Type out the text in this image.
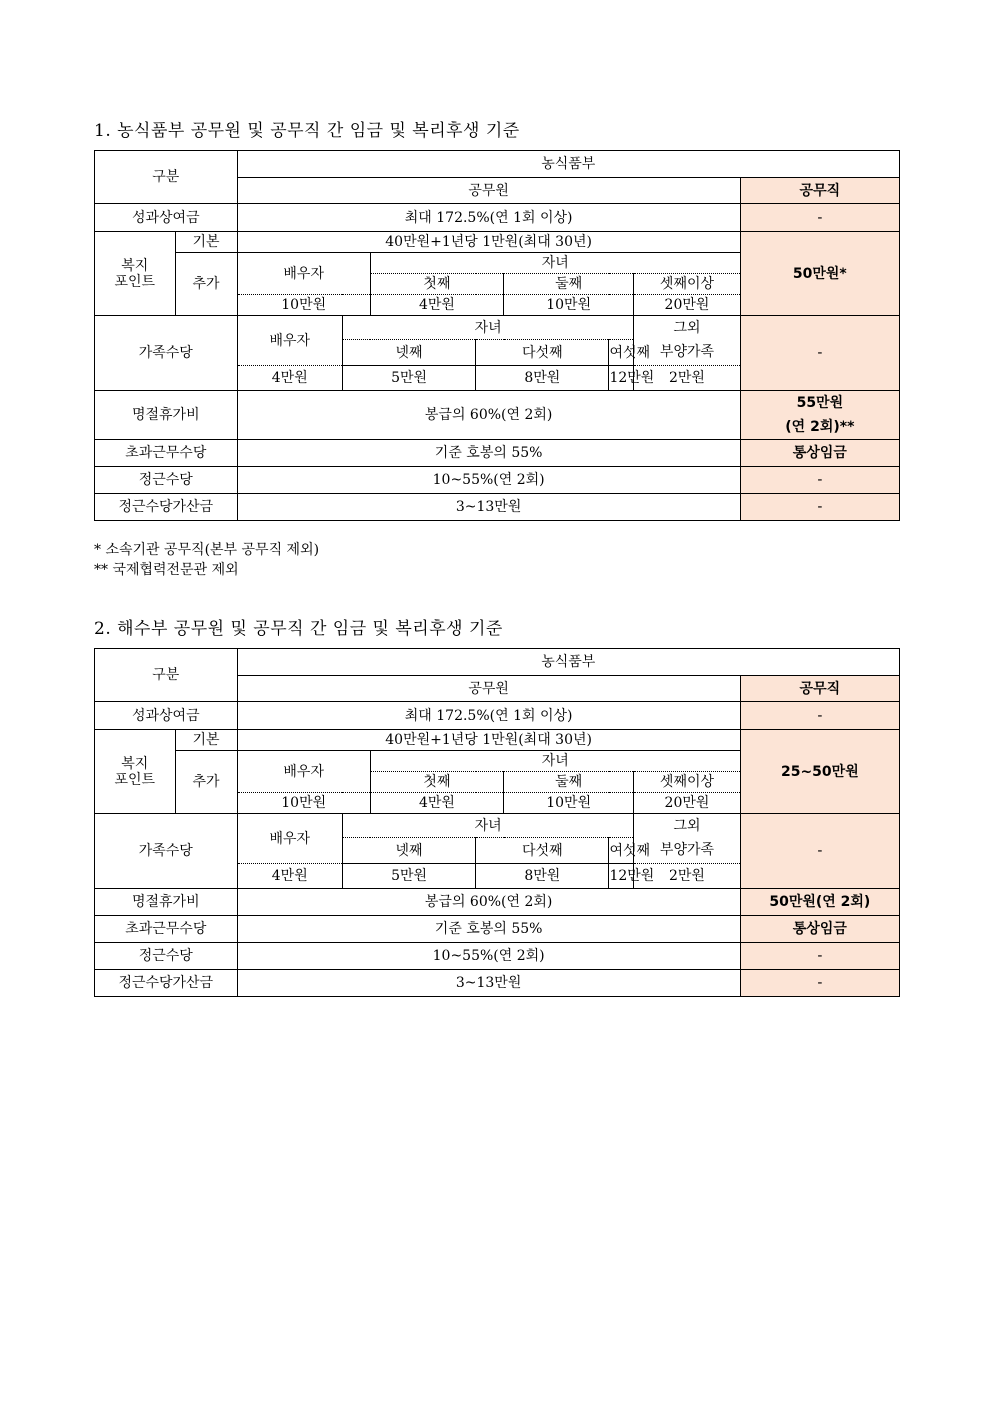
1. 농식품부 공무원 및 공무직 간 임금 및 복리후생 기준
구분		농식품부							
		공무원							공무직
성과상여금		최대 172.5%(연 1회 이상)							-
복지
포인트	기본	40만원+1년당 1만원(최대 30년)							50만원*
	추가	배우자		자녀					
				첫째		둘째		셋째이상	
		10만원		4만원		10만원		20만원	
가족수당		배우자	자녀					그외	-
			넷째		다섯째		여섯째	부양가족	
		4만원	5만원		8만원		12만원	2만원	
명절휴가비		봉급의 60%(연 2회)							55만원
(연 2회)**
초과근무수당		기준 호봉의 55%							통상임금
정근수당		10~55%(연 2회)							-
정근수당가산금		3~13만원							-
* 소속기관 공무직(본부 공무직 제외)
** 국제협력전문관 제외
2. 해수부 공무원 및 공무직 간 임금 및 복리후생 기준
구분		농식품부							
		공무원							공무직
성과상여금		최대 172.5%(연 1회 이상)							-
복지
포인트	기본	40만원+1년당 1만원(최대 30년)							25~50만원
	추가	배우자		자녀					
				첫째		둘째		셋째이상	
		10만원		4만원		10만원		20만원	
가족수당		배우자	자녀					그외	-
			넷째		다섯째		여섯째	부양가족	
		4만원	5만원		8만원		12만원	2만원	
명절휴가비		봉급의 60%(연 2회)							50만원(연 2회)
초과근무수당		기준 호봉의 55%							통상임금
정근수당		10~55%(연 2회)							-
정근수당가산금		3~13만원							-
